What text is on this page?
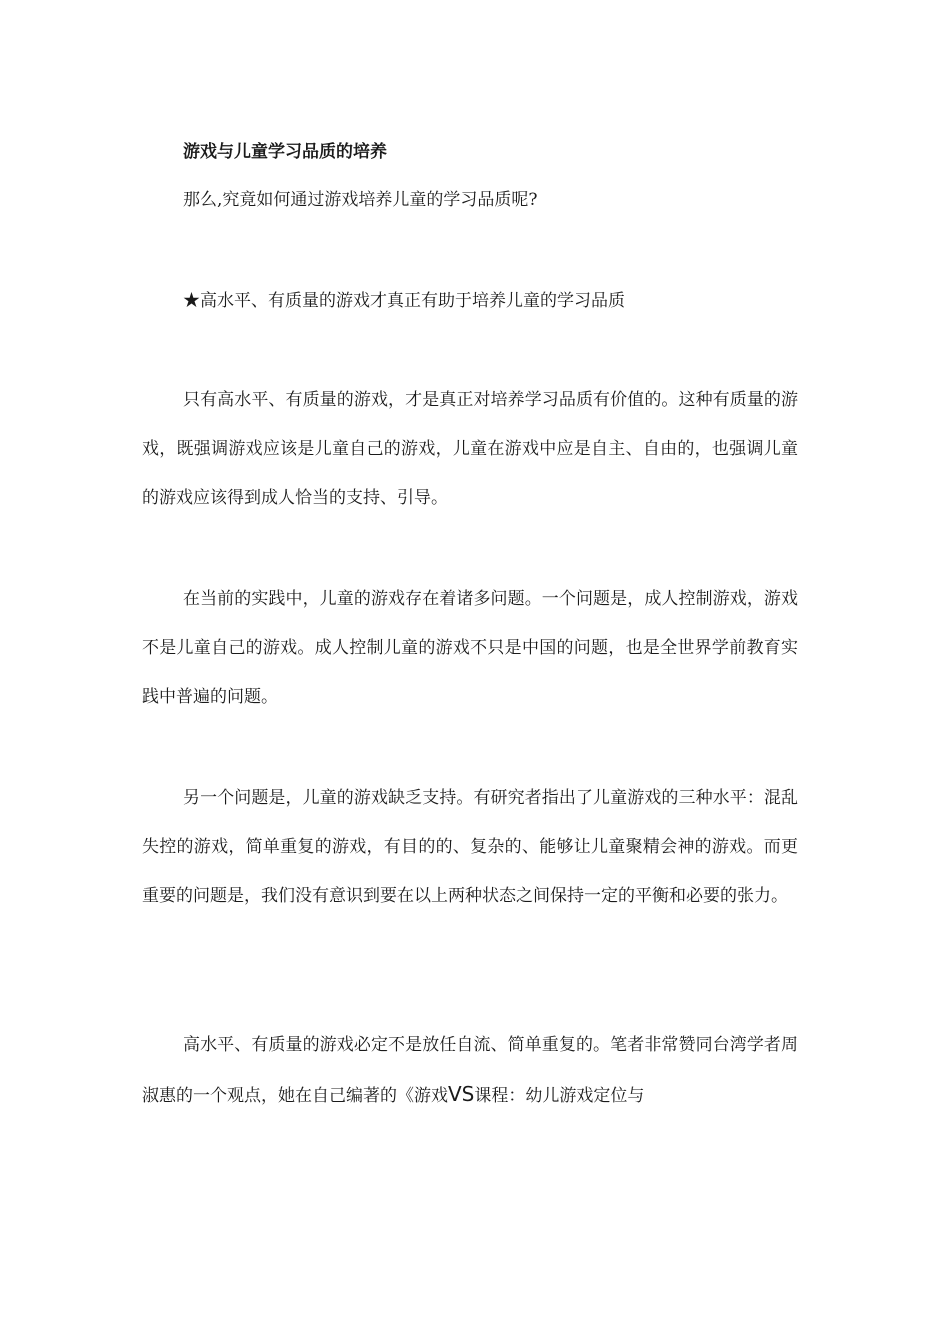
游戏与儿童学习品质的培养
那么,究竟如何通过游戏培养儿童的学习品质呢?
★高水平、有质量的游戏才真正有助于培养儿童的学习品质

只有高水平、有质量的游戏，才是真正对培养学习品质有价值的。这种有质量的游戏，既强调游戏应该是儿童自己的游戏，儿童在游戏中应是自主、自由的，也强调儿童的游戏应该得到成人恰当的支持、引导。

在当前的实践中，儿童的游戏存在着诸多问题。一个问题是，成人控制游戏，游戏不是儿童自己的游戏。成人控制儿童的游戏不只是中国的问题，也是全世界学前教育实践中普遍的问题。

另一个问题是，儿童的游戏缺乏支持。有研究者指出了儿童游戏的三种水平：混乱失控的游戏，简单重复的游戏，有目的的、复杂的、能够让儿童聚精会神的游戏。而更重要的问题是，我们没有意识到要在以上两种状态之间保持一定的平衡和必要的张力。

高水平、有质量的游戏必定不是放任自流、简单重复的。笔者非常赞同台湾学者周淑惠的一个观点，她在自己编著的《游戏VS课程：幼儿游戏定位与
